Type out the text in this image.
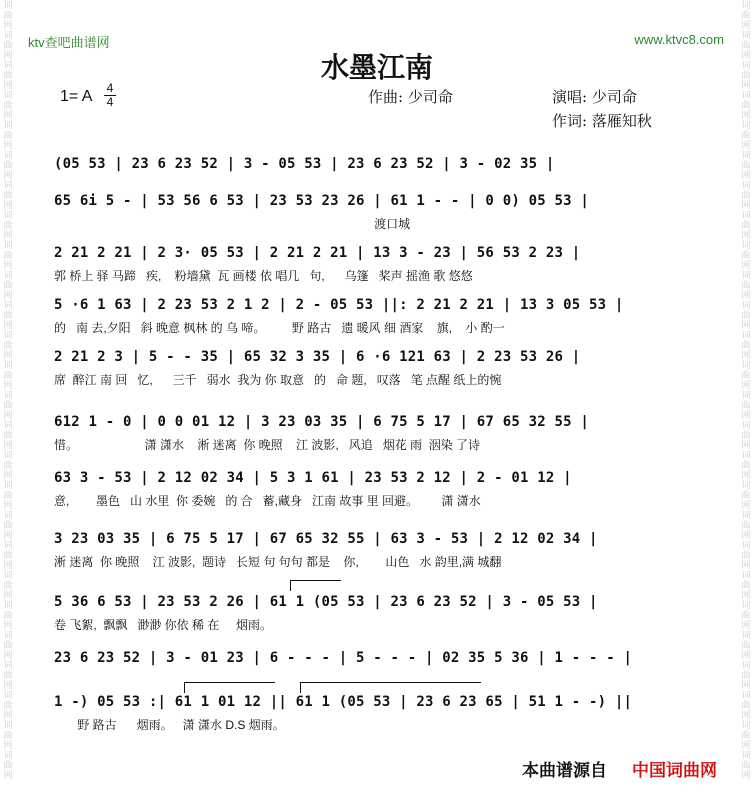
词
曲
网
词
曲
网
词
曲
网
词
曲
网
词
曲
网
词
曲
网
词
曲
网
词
曲
网
词
曲
网
词
曲
网
词
曲
网
词
曲
网
词
曲
网
词
曲
网
词
曲
网
词
曲
网
词
曲
网
词
曲
网
词
曲
网
词
曲
网
词
曲
网
词
曲
网
词
曲
网
词
曲
网
词
曲
网
词
曲
网
词
曲
网
词
曲
网
词
曲
网
词
曲
网
词
曲
网
词
曲
网
词
曲
网
词
曲
网
词
曲
网
词
曲
网
词
曲
网
词
曲
网
词
曲
网
词
曲
网
词
曲
网
词
曲
网
词
曲
网
词
曲
网
词
曲
网
词
曲
网
词
曲
网
词
曲
网
词
曲
网
词
曲
网
词
曲
网
词
曲
网
ktv查吧曲谱网	www.ktvc8.com
水墨江南
1= A $\frac{4}{4}$	作曲: 少司命	演唱: 少司命
作词: 落雁知秋
(05 53 | 23 6 23 52 | 3 - 05 53 | 23 6 23 52 | 3 - 02 35 |
65 6i 5 - | 53 56 6 53 | 23 53 23 26 | 61 1 - - | 0 0) 05 53 |
渡口城
2 21 2 21 | 2 3· 05 53 | 2 21 2 21 | 13 3 - 23 | 56 53 2 23 |
郭 桥上 驿 马蹄   疾,    粉墙黛  瓦 画楼 依 唱几   句,      乌篷   桨声 摇渔 歌 悠悠
5 ·6 1 63 | 2 23 53 2 1 2 | 2 - 05 53 ||: 2 21 2 21 | 13 3 05 53 |
的   南 去,夕阳   斜 晚意 枫林 的 乌 啼。        野 路古   遗 暖风 细 酒家    旗,    小 酌一
2 21 2 3 | 5 - - 35 | 65 32 3 35 | 6 ·6 121 63 | 2 23 53 26 |
席  醉江 南 回   忆,      三千   弱水  我为 你 取意   的   命 题,   叹落   笔 点醒 纸上的惋
612 1 - 0 | 0 0 01 12 | 3 23 03 35 | 6 75 5 17 | 67 65 32 55 |
惜。                    潇 潇水    淅 迷离  你 晚照    江 波影,   风追   烟花 雨  洇染 了诗
63 3 - 53 | 2 12 02 34 | 5 3 1 61 | 23 53 2 12 | 2 - 01 12 |
意,        墨色   山 水里  你 委婉   的 合   蓄,藏身   江南 故事 里 回避。       潇 潇水
3 23 03 35 | 6 75 5 17 | 67 65 32 55 | 63 3 - 53 | 2 12 02 34 |
淅 迷离  你 晚照    江 波影,  题诗   长短 句 句句 都是    你,        山色   水 韵里,满 城翻
5 36 6 53 | 23 53 2 26 | 61 1 (05 53 | 23 6 23 52 | 3 - 05 53 |
卷 飞絮,  飘飘   渺渺 你依 稀 在     烟雨。
23 6 23 52 | 3 - 01 23 | 6 - - - | 5 - - - | 02 35 5 36 | 1 - - - |
1 -) 05 53 :| 61 1 01 12 || 61 1 (05 53 | 23 6 23 65 | 51 1 - -) ||
野 路古      烟雨。   潇 潇水 D.S 烟雨。
本曲谱源自 中国词曲网
